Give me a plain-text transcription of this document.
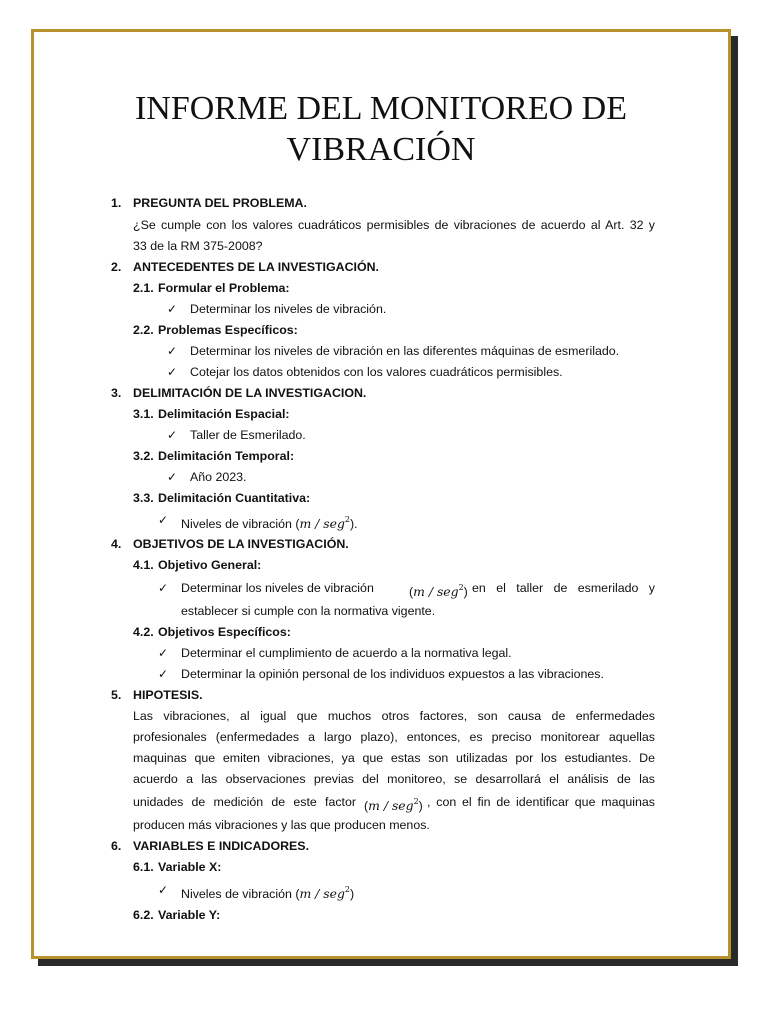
INFORME DEL MONITOREO DE
VIBRACIÓN
1. PREGUNTA DEL PROBLEMA.
¿Se cumple con los valores cuadráticos permisibles de vibraciones de acuerdo al Art. 32 y
33 de la RM 375-2008?
2. ANTECEDENTES DE LA INVESTIGACIÓN.
2.1. Formular el Problema:
✓ Determinar los niveles de vibración.
2.2. Problemas Específicos:
✓ Determinar los niveles de vibración en las diferentes máquinas de esmerilado.
✓ Cotejar los datos obtenidos con los valores cuadráticos permisibles.
3. DELIMITACIÓN DE LA INVESTIGACION.
3.1. Delimitación Espacial:
✓ Taller de Esmerilado.
3.2. Delimitación Temporal:
✓ Año 2023.
3.3. Delimitación Cuantitativa:
✓ Niveles de vibración (m / seg$^2$).
4. OBJETIVOS DE LA INVESTIGACIÓN.
4.1. Objetivo General:
✓ Determinar los niveles de vibración	(m / seg$^2$) en el taller de esmerilado y
establecer si cumple con la normativa vigente.
4.2. Objetivos Específicos:
✓ Determinar el cumplimiento de acuerdo a la normativa legal.
✓ Determinar la opinión personal de los individuos expuestos a las vibraciones.
5. HIPOTESIS.
Las vibraciones, al igual que muchos otros factores, son causa de enfermedades
profesionales (enfermedades a largo plazo), entonces, es preciso monitorear aquellas
maquinas que emiten vibraciones, ya que estas son utilizadas por los estudiantes. De
acuerdo a las observaciones previas del monitoreo, se desarrollará el análisis de las
unidades de medición de este factor (m / seg$^2$) , con el fin de identificar que maquinas
producen más vibraciones y las que producen menos.
6. VARIABLES E INDICADORES.
6.1. Variable X:
✓ Niveles de vibración (m / seg$^2$)
6.2. Variable Y:
